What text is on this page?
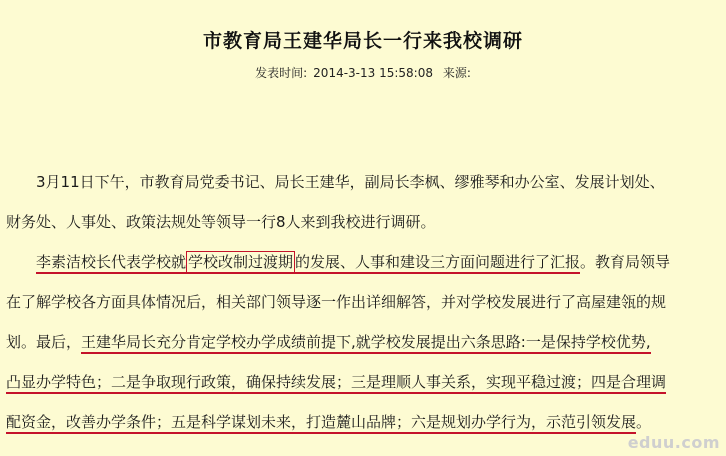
市教育局王建华局长一行来我校调研
发表时间: 2014-3-13 15:58:08 来源:
3月11日下午，市教育局党委书记、局长王建华，副局长李枫、缪雅琴和办公室、发展计划处、
财务处、人事处、政策法规处等领导一行8人来到我校进行调研。
李素洁校长代表学校就 学校改制过渡期 的发展、人事和建设三方面问题进行了汇报。教育局领导
在了解学校各方面具体情况后，相关部门领导逐一作出详细解答，并对学校发展进行了高屋建瓴的规
划。最后，王建华局长充分肯定学校办学成绩前提下,就学校发展提出六条思路:一是保持学校优势,
凸显办学特色；二是争取现行政策，确保持续发展；三是理顺人事关系，实现平稳过渡；四是合理调
配资金，改善办学条件；五是科学谋划未来，打造麓山品牌；六是规划办学行为，示范引领发展。
eduu.com
